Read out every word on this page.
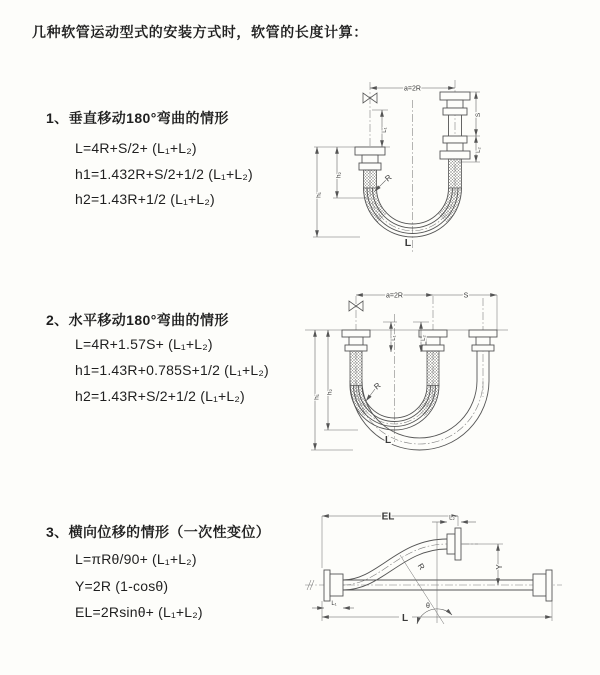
几种软管运动型式的安装方式时，软管的长度计算：
1、垂直移动180°弯曲的情形
L=4R+S/2+ (L₁+L₂)
h1=1.432R+S/2+1/2 (L₁+L₂)
h2=1.43R+1/2 (L₁+L₂)
a=2R
h₁
h₂
L₁
S
L₂
R
L
2、水平移动180°弯曲的情形
L=4R+1.57S+ (L₁+L₂)
h1=1.43R+0.785S+1/2 (L₁+L₂)
h2=1.43R+S/2+1/2 (L₁+L₂)
a=2R	S
h₁
h₂
L₁	L₂
R
L
3、横向位移的情形（一次性变位）
L=πRθ/90+ (L₁+L₂)
Y=2R (1-cosθ)
EL=2Rsinθ+ (L₁+L₂)
EL	L₂
θ
R	Y
L₁
L
